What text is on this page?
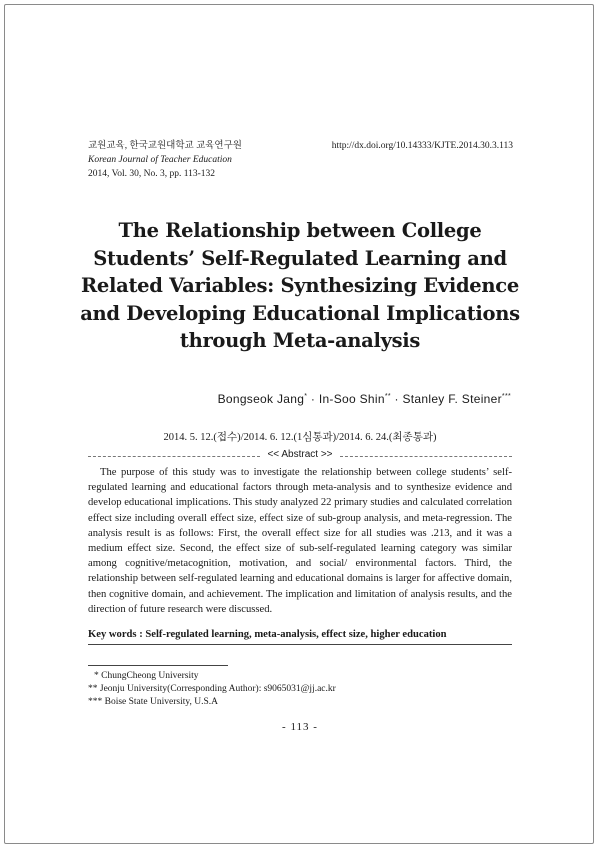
교원교육, 한국교원대학교 교육연구원
Korean Journal of Teacher Education
2014, Vol. 30, No. 3, pp. 113-132
http://dx.doi.org/10.14333/KJTE.2014.30.3.113
The Relationship between College Students’ Self-Regulated Learning and Related Variables: Synthesizing Evidence and Developing Educational Implications through Meta-analysis
Bongseok Jang* · In-Soo Shin** · Stanley F. Steiner***
2014. 5. 12.(접수)/2014. 6. 12.(1심통과)/2014. 6. 24.(최종통과)
<< Abstract >>

The purpose of this study was to investigate the relationship between college students’ self-regulated learning and educational factors through meta-analysis and to synthesize evidence and develop educational implications. This study analyzed 22 primary studies and calculated correlation effect size including overall effect size, effect size of sub-group analysis, and meta-regression. The analysis result is as follows: First, the overall effect size for all studies was .213, and it was a medium effect size. Second, the effect size of sub-self-regulated learning category was similar among cognitive/metacognition, motivation, and social/ environmental factors. Third, the relationship between self-regulated learning and educational domains is larger for affective domain, then cognitive domain, and achievement. The implication and limitation of analysis results, and the direction of future research were discussed.

Key words : Self-regulated learning, meta-analysis, effect size, higher education
* ChungCheong University
** Jeonju University(Corresponding Author): s9065031@jj.ac.kr
*** Boise State University, U.S.A
- 113 -
